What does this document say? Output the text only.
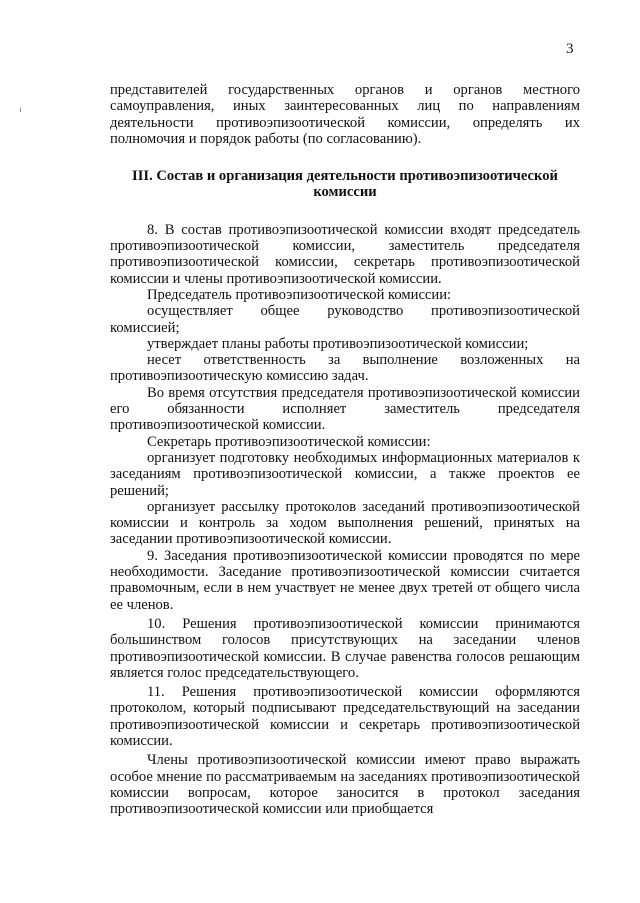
3

представителей государственных органов и органов местного самоуправления, иных заинтересованных лиц по направлениям деятельности противоэпизоотической комиссии, определять их полномочия и порядок работы (по согласованию).

III. Состав и организация деятельности противоэпизоотической комиссии

8. В состав противоэпизоотической комиссии входят председатель противоэпизоотической комиссии, заместитель председателя противоэпизоотической комиссии, секретарь противоэпизоотической комиссии и члены противоэпизоотической комиссии.

Председатель противоэпизоотической комиссии:

осуществляет общее руководство противоэпизоотической комиссией;

утверждает планы работы противоэпизоотической комиссии;

несет ответственность за выполнение возложенных на противоэпизоотическую комиссию задач.

Во время отсутствия председателя противоэпизоотической комиссии его обязанности исполняет заместитель председателя противоэпизоотической комиссии.

Секретарь противоэпизоотической комиссии:

организует подготовку необходимых информационных материалов к заседаниям противоэпизоотической комиссии, а также проектов ее решений;

организует рассылку протоколов заседаний противоэпизоотической комиссии и контроль за ходом выполнения решений, принятых на заседании противоэпизоотической комиссии.

9. Заседания противоэпизоотической комиссии проводятся по мере необходимости. Заседание противоэпизоотической комиссии считается правомочным, если в нем участвует не менее двух третей от общего числа ее членов.

10. Решения противоэпизоотической комиссии принимаются большинством голосов присутствующих на заседании членов противоэпизоотической комиссии. В случае равенства голосов решающим является голос председательствующего.

11. Решения противоэпизоотической комиссии оформляются протоколом, который подписывают председательствующий на заседании противоэпизоотической комиссии и секретарь противоэпизоотической комиссии.

Члены противоэпизоотической комиссии имеют право выражать особое мнение по рассматриваемым на заседаниях противоэпизоотической комиссии вопросам, которое заносится в протокол заседания противоэпизоотической комиссии или приобщается
